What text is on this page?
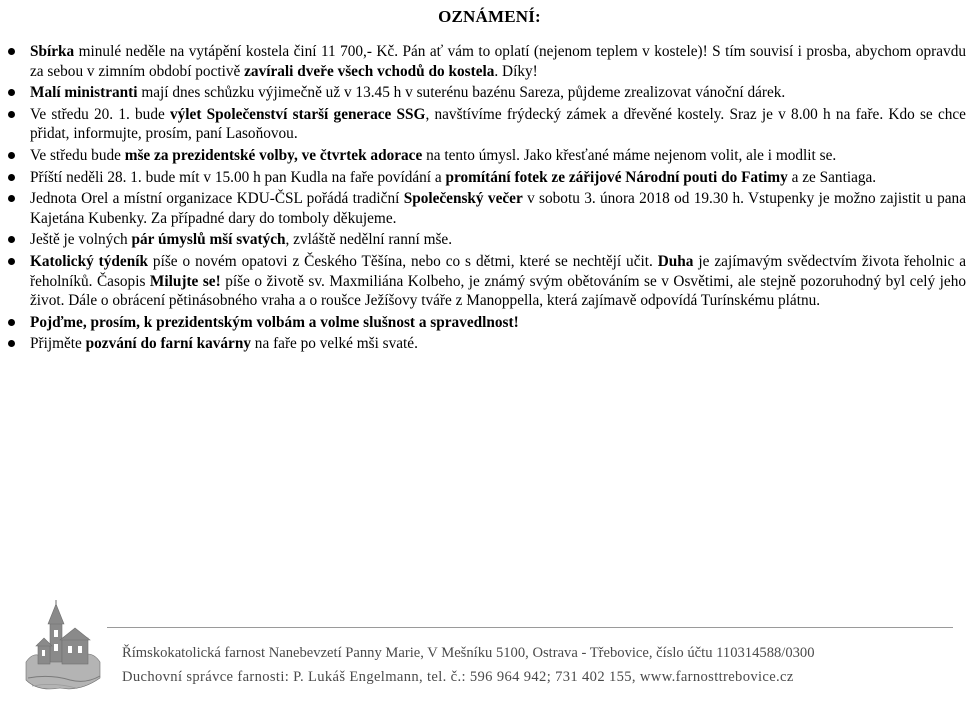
OZNÁMENÍ:
Sbírka minulé neděle na vytápění kostela činí 11 700,- Kč. Pán ať vám to oplatí (nejenom teplem v kostele)! S tím souvisí i prosba, abychom opravdu za sebou v zimním období poctivě zavírali dveře všech vchodů do kostela. Díky!
Malí ministranti mají dnes schůzku výjimečně už v 13.45 h v suterénu bazénu Sareza, půjdeme zrealizovat vánoční dárek.
Ve středu 20. 1. bude výlet Společenství starší generace SSG, navštívíme frýdecký zámek a dřevěné kostely. Sraz je v 8.00 h na faře. Kdo se chce přidat, informujte, prosím, paní Lasoňovou.
Ve středu bude mše za prezidentské volby, ve čtvrtek adorace na tento úmysl. Jako křesťané máme nejenom volit, ale i modlit se.
Příští neděli 28. 1. bude mít v 15.00 h pan Kudla na faře povídání a promítání fotek ze zářijové Národní pouti do Fatimy a ze Santiaga.
Jednota Orel a místní organizace KDU-ČSL pořádá tradiční Společenský večer v sobotu 3. února 2018 od 19.30 h. Vstupenky je možno zajistit u pana Kajetána Kubenky. Za případné dary do tomboly děkujeme.
Ještě je volných pár úmyslů mší svatých, zvláště nedělní ranní mše.
Katolický týdeník píše o novém opatovi z Českého Těšína, nebo co s dětmi, které se nechtějí učit. Duha je zajímavým svědectvím života řeholnic a řeholníků. Časopis Milujte se! píše o životě sv. Maxmiliána Kolbeho, je známý svým obětováním se v Osvětimi, ale stejně pozoruhodný byl celý jeho život. Dále o obrácení pětinásobného vraha a o roušce Ježíšovy tváře z Manoppella, která zajímavě odpovídá Turínskému plátnu.
Pojďme, prosím, k prezidentským volbám a volme slušnost a spravedlnost!
Přijměte pozvání do farní kavárny na faře po velké mši svaté.
Římskokatolická farnost Nanebevzetí Panny Marie, V Mešníku 5100, Ostrava - Třebovice, číslo účtu 110314588/0300
Duchovní správce farnosti: P. Lukáš Engelmann, tel. č.: 596 964 942; 731 402 155, www.farnosttrebovice.cz
